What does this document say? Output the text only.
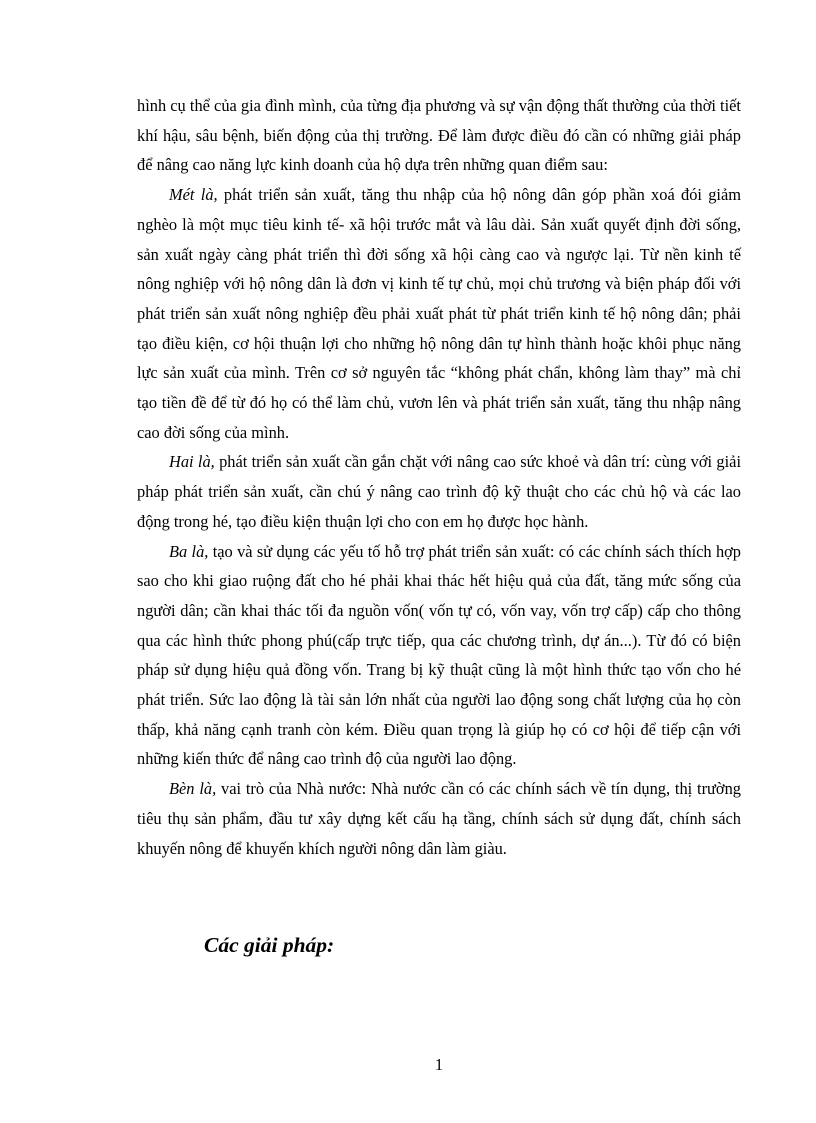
hình cụ thể của gia đình mình, của từng địa phương và sự vận động thất thường của thời tiết khí hậu, sâu bệnh, biến động của thị trường. Để làm được điều đó cần có những giải pháp để nâng cao năng lực kinh doanh của hộ dựa trên những quan điểm sau:

Mét là, phát triển sản xuất, tăng thu nhập của hộ nông dân góp phần xoá đói giảm nghèo là một mục tiêu kinh tế- xã hội trước mắt và lâu dài. Sản xuất quyết định đời sống, sản xuất ngày càng phát triển thì đời sống xã hội càng cao và ngược lại. Từ nền kinh tế nông nghiệp với hộ nông dân là đơn vị kinh tế tự chủ, mọi chủ trương và biện pháp đối với phát triển sản xuất nông nghiệp đều phải xuất phát từ phát triển kinh tế hộ nông dân; phải tạo điều kiện, cơ hội thuận lợi cho những hộ nông dân tự hình thành hoặc khôi phục năng lực sản xuất của mình. Trên cơ sở nguyên tắc “không phát chẩn, không làm thay” mà chỉ tạo tiền đề để từ đó họ có thể làm chủ, vươn lên và phát triển sản xuất, tăng thu nhập nâng cao đời sống của mình.

Hai là, phát triển sản xuất cần gắn chặt với nâng cao sức khoẻ và dân trí: cùng với giải pháp phát triển sản xuất, cần chú ý nâng cao trình độ kỹ thuật cho các chủ hộ và các lao động trong hé, tạo điều kiện thuận lợi cho con em họ được học hành.

Ba là, tạo và sử dụng các yếu tố hỗ trợ phát triển sản xuất: có các chính sách thích hợp sao cho khi giao ruộng đất cho hé phải khai thác hết hiệu quả của đất, tăng mức sống của người dân; cần khai thác tối đa nguồn vốn( vốn tự có, vốn vay, vốn trợ cấp) cấp cho thông qua các hình thức phong phú(cấp trực tiếp, qua các chương trình, dự án...). Từ đó có biện pháp sử dụng hiệu quả đồng vốn. Trang bị kỹ thuật cũng là một hình thức tạo vốn cho hé phát triển. Sức lao động là tài sản lớn nhất của người lao động song chất lượng của họ còn thấp, khả năng cạnh tranh còn kém. Điều quan trọng là giúp họ có cơ hội để tiếp cận với những kiến thức để nâng cao trình độ của người lao động.

Bèn là, vai trò của Nhà nước: Nhà nước cần có các chính sách về tín dụng, thị trường tiêu thụ sản phẩm, đầu tư xây dựng kết cấu hạ tầng, chính sách sử dụng đất, chính sách khuyến nông để khuyến khích người nông dân làm giàu.

Các giải pháp:
1
